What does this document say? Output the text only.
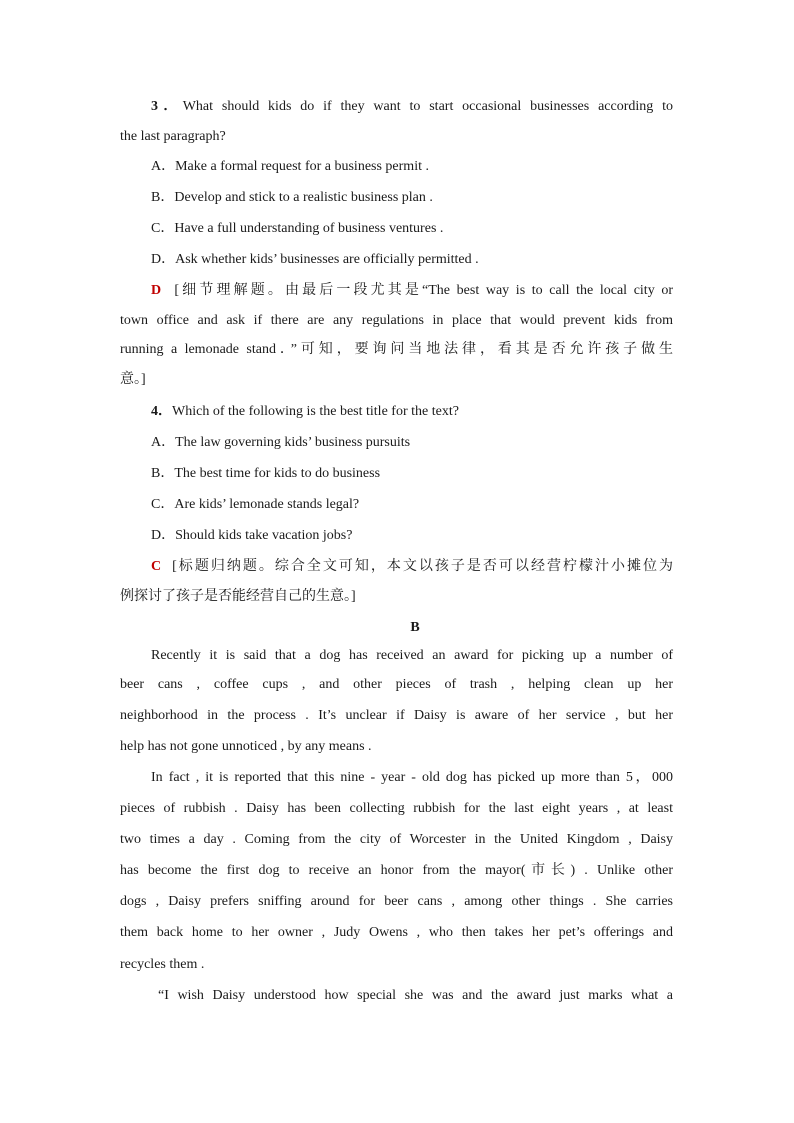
3．What should kids do if they want to start occasional businesses according to
the last paragraph?
A．Make a formal request for a business permit .
B．Develop and stick to a realistic business plan .
C．Have a full understanding of business ventures .
D．Ask whether kids’ businesses are officially permitted .
D [细节理解题。由最后一段尤其是“The best way is to call the local city or
town office and ask if there are any regulations in place that would prevent kids from
running a lemonade stand．”可知，要询问当地法律，看其是否允许孩子做生
意。]
4．Which of the following is the best title for the text?
A．The law governing kids’ business pursuits
B．The best time for kids to do business
C．Are kids’ lemonade stands legal?
D．Should kids take vacation jobs?
C [标题归纳题。综合全文可知，本文以孩子是否可以经营柠檬汁小摊位为
例探讨了孩子是否能经营自己的生意。]
B
Recently it is said that a dog has received an award for picking up a number of
beer cans , coffee cups , and other pieces of trash , helping clean up her
neighborhood in the process . It’s unclear if Daisy is aware of her service , but her
help has not gone unnoticed , by any means .
In fact , it is reported that this nine - year - old dog has picked up more than 5，000
pieces of rubbish . Daisy has been collecting rubbish for the last eight years , at least
two times a day . Coming from the city of Worcester in the United Kingdom , Daisy
has become the first dog to receive an honor from the mayor(市长) . Unlike other
dogs , Daisy prefers sniffing around for beer cans , among other things . She carries
them back home to her owner , Judy Owens , who then takes her pet’s offerings and
recycles them .
“I wish Daisy understood how special she was and the award just marks what a
